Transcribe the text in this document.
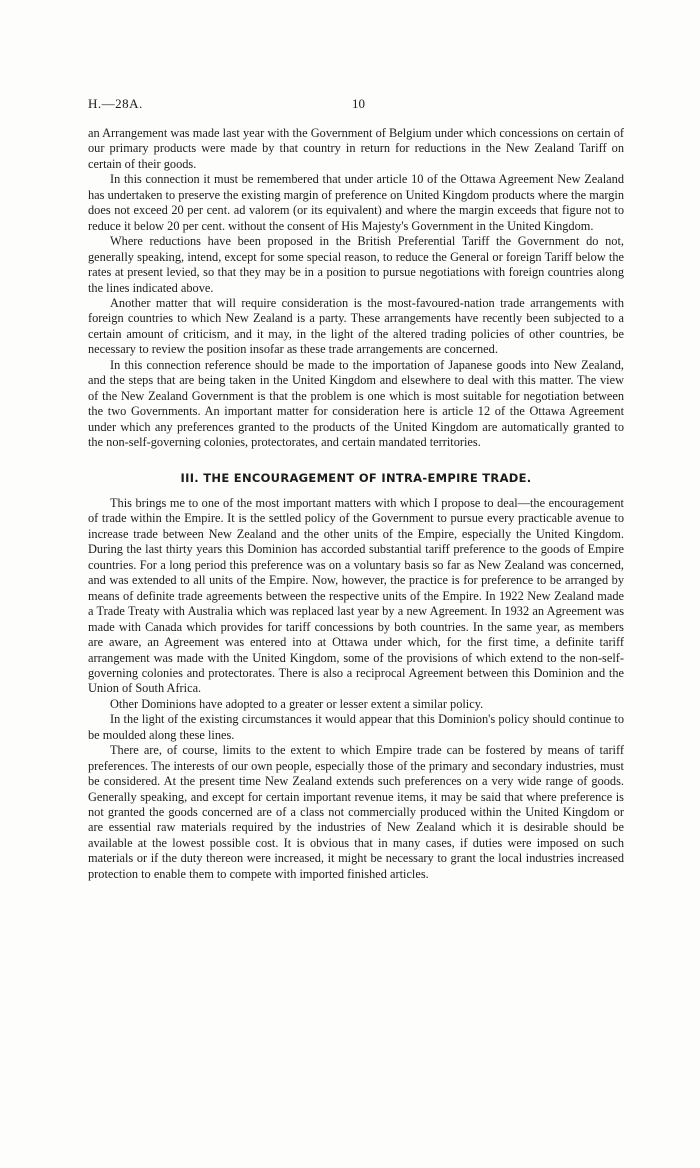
H.—28A.	10

an Arrangement was made last year with the Government of Belgium under which concessions on certain of our primary products were made by that country in return for reductions in the New Zealand Tariff on certain of their goods.

In this connection it must be remembered that under article 10 of the Ottawa Agreement New Zealand has undertaken to preserve the existing margin of preference on United Kingdom products where the margin does not exceed 20 per cent. ad valorem (or its equivalent) and where the margin exceeds that figure not to reduce it below 20 per cent. without the consent of His Majesty's Government in the United Kingdom.

Where reductions have been proposed in the British Preferential Tariff the Government do not, generally speaking, intend, except for some special reason, to reduce the General or foreign Tariff below the rates at present levied, so that they may be in a position to pursue negotiations with foreign countries along the lines indicated above.

Another matter that will require consideration is the most-favoured-nation trade arrangements with foreign countries to which New Zealand is a party. These arrangements have recently been subjected to a certain amount of criticism, and it may, in the light of the altered trading policies of other countries, be necessary to review the position insofar as these trade arrangements are concerned.

In this connection reference should be made to the importation of Japanese goods into New Zealand, and the steps that are being taken in the United Kingdom and elsewhere to deal with this matter. The view of the New Zealand Government is that the problem is one which is most suitable for negotiation between the two Governments. An important matter for consideration here is article 12 of the Ottawa Agreement under which any preferences granted to the products of the United Kingdom are automatically granted to the non-self-governing colonies, protectorates, and certain mandated territories.

III. THE ENCOURAGEMENT OF INTRA-EMPIRE TRADE.

This brings me to one of the most important matters with which I propose to deal—the encouragement of trade within the Empire. It is the settled policy of the Government to pursue every practicable avenue to increase trade between New Zealand and the other units of the Empire, especially the United Kingdom. During the last thirty years this Dominion has accorded substantial tariff preference to the goods of Empire countries. For a long period this preference was on a voluntary basis so far as New Zealand was concerned, and was extended to all units of the Empire. Now, however, the practice is for preference to be arranged by means of definite trade agreements between the respective units of the Empire. In 1922 New Zealand made a Trade Treaty with Australia which was replaced last year by a new Agreement. In 1932 an Agreement was made with Canada which provides for tariff concessions by both countries. In the same year, as members are aware, an Agreement was entered into at Ottawa under which, for the first time, a definite tariff arrangement was made with the United Kingdom, some of the provisions of which extend to the non-self-governing colonies and protectorates. There is also a reciprocal Agreement between this Dominion and the Union of South Africa.

Other Dominions have adopted to a greater or lesser extent a similar policy.

In the light of the existing circumstances it would appear that this Dominion's policy should continue to be moulded along these lines.

There are, of course, limits to the extent to which Empire trade can be fostered by means of tariff preferences. The interests of our own people, especially those of the primary and secondary industries, must be considered. At the present time New Zealand extends such preferences on a very wide range of goods. Generally speaking, and except for certain important revenue items, it may be said that where preference is not granted the goods concerned are of a class not commercially produced within the United Kingdom or are essential raw materials required by the industries of New Zealand which it is desirable should be available at the lowest possible cost. It is obvious that in many cases, if duties were imposed on such materials or if the duty thereon were increased, it might be necessary to grant the local industries increased protection to enable them to compete with imported finished articles.
